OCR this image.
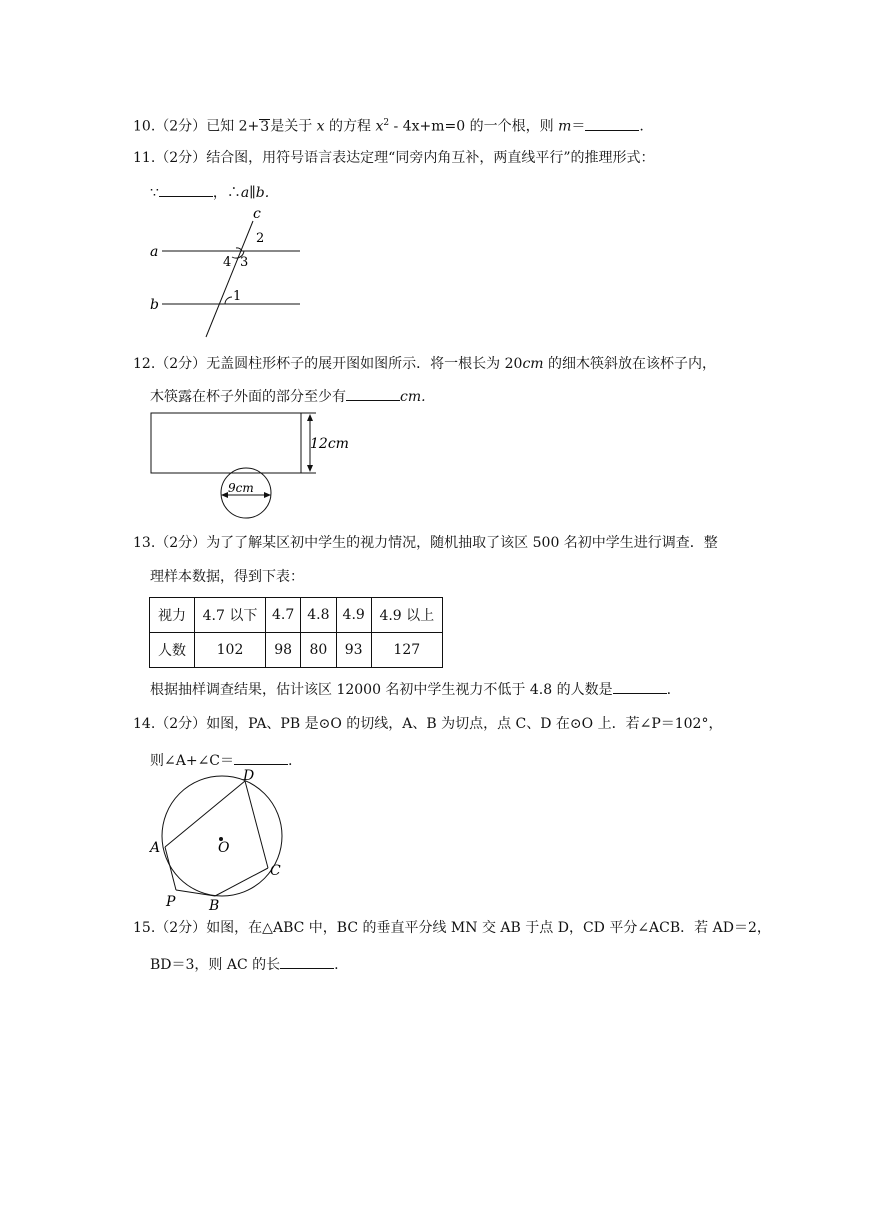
10.（2分）已知 2+3是关于 x 的方程 $x^2 - 4x+m=0$ 的一个根，则 m＝	.
11.（2分）结合图，用符号语言表达定理“同旁内角互补，两直线平行”的推理形式：
∵	，∴a∥b.
c
a
b
2
3
4
1
12.（2分）无盖圆柱形杯子的展开图如图所示．将一根长为 20cm 的细木筷斜放在该杯子内，
木筷露在杯子外面的部分至少有	cm.
12cm
9cm
13.（2分）为了了解某区初中学生的视力情况，随机抽取了该区 500 名初中学生进行调查．整
理样本数据，得到下表：
视力	4.7 以下	4.7	4.8	4.9	4.9 以上
人数	102	98	80	93	127
根据抽样调查结果，估计该区 12000 名初中学生视力不低于 4.8 的人数是	.
14.（2分）如图，PA、PB 是⊙O 的切线，A、B 为切点，点 C、D 在⊙O 上．若∠P＝102°，
则∠A+∠C＝	.
O
D
A
C
P B
15.（2分）如图，在△ABC 中，BC 的垂直平分线 MN 交 AB 于点 D，CD 平分∠ACB．若 AD＝2，
BD＝3，则 AC 的长	.
